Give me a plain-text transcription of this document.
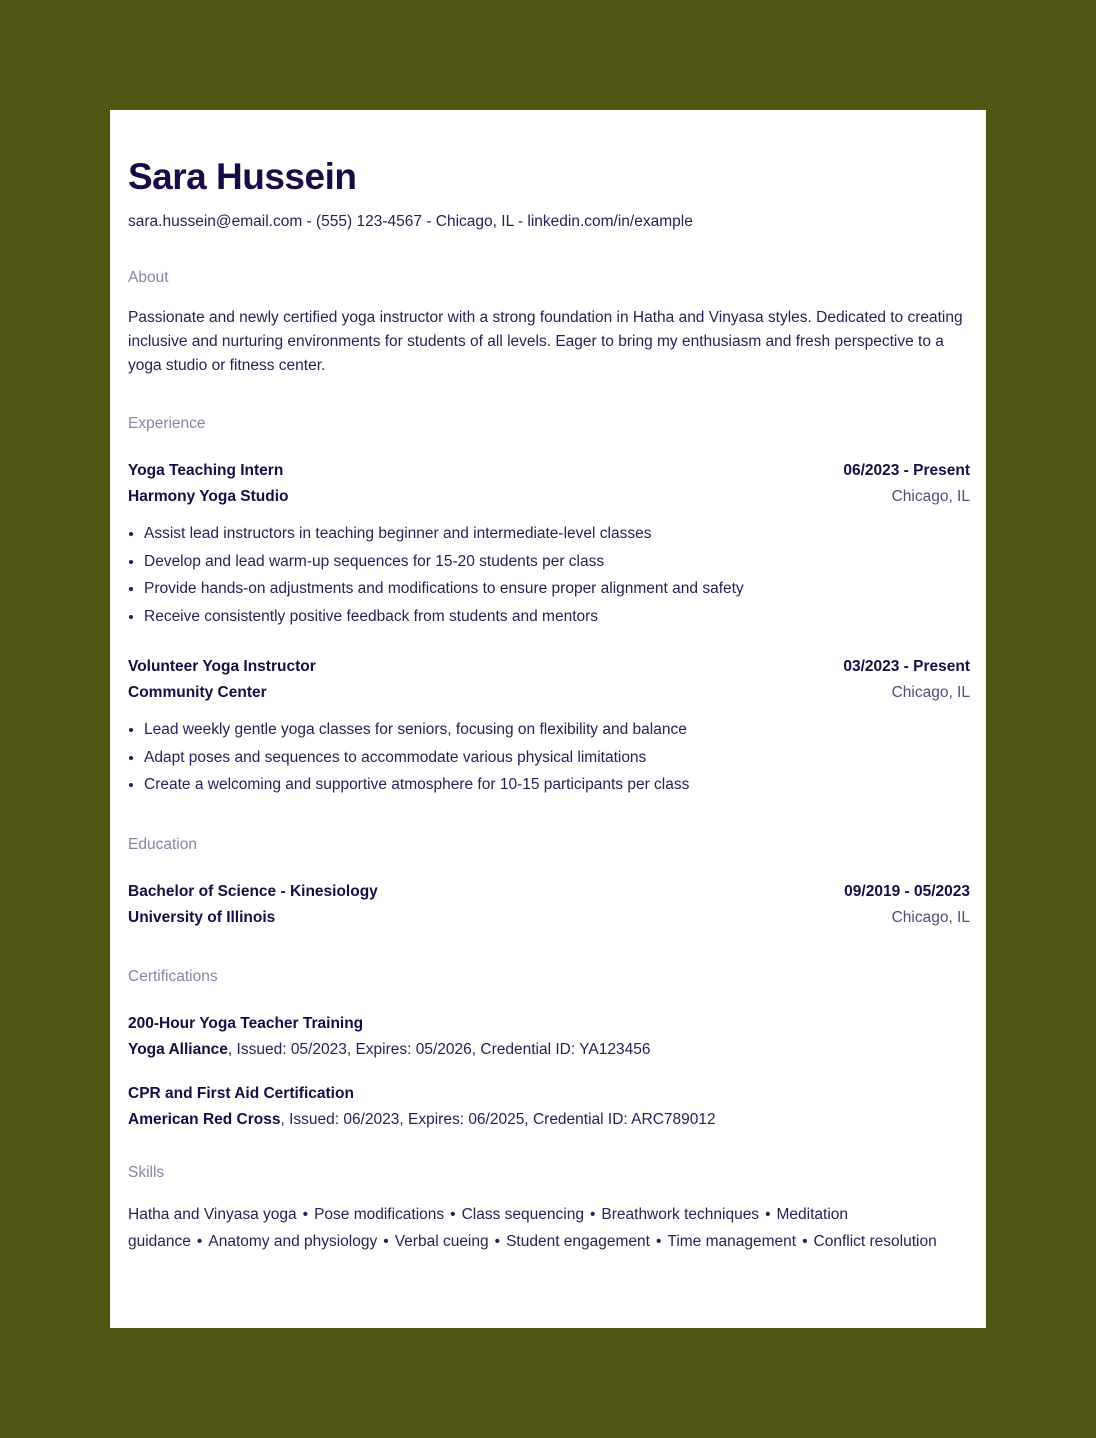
Sara Hussein
sara.hussein@email.com - (555) 123-4567 - Chicago, IL - linkedin.com/in/example
About
Passionate and newly certified yoga instructor with a strong foundation in Hatha and Vinyasa styles. Dedicated to creating inclusive and nurturing environments for students of all levels. Eager to bring my enthusiasm and fresh perspective to a yoga studio or fitness center.
Experience
Yoga Teaching Intern	06/2023 - Present
Harmony Yoga Studio	Chicago, IL
• Assist lead instructors in teaching beginner and intermediate-level classes
• Develop and lead warm-up sequences for 15-20 students per class
• Provide hands-on adjustments and modifications to ensure proper alignment and safety
• Receive consistently positive feedback from students and mentors
Volunteer Yoga Instructor	03/2023 - Present
Community Center	Chicago, IL
• Lead weekly gentle yoga classes for seniors, focusing on flexibility and balance
• Adapt poses and sequences to accommodate various physical limitations
• Create a welcoming and supportive atmosphere for 10-15 participants per class
Education
Bachelor of Science - Kinesiology	09/2019 - 05/2023
University of Illinois	Chicago, IL
Certifications
200-Hour Yoga Teacher Training
Yoga Alliance, Issued: 05/2023, Expires: 05/2026, Credential ID: YA123456
CPR and First Aid Certification
American Red Cross, Issued: 06/2023, Expires: 06/2025, Credential ID: ARC789012
Skills
Hatha and Vinyasa yoga • Pose modifications • Class sequencing • Breathwork techniques • Meditation guidance • Anatomy and physiology • Verbal cueing • Student engagement • Time management • Conflict resolution
